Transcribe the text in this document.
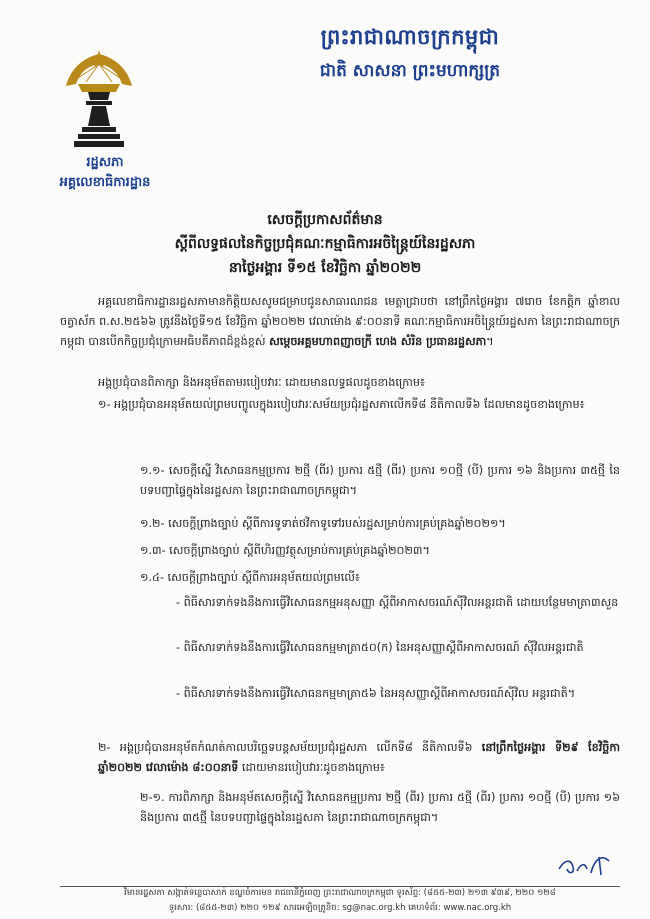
ព្រះរាជាណាចក្រកម្ពុជា
ជាតិ សាសនា ព្រះមហាក្សត្រ
រដ្ឋសភា
អគ្គលេខាធិការដ្ឋាន
សេចក្តីប្រកាសព័ត៌មាន
ស្តីពីលទ្ធផលនៃកិច្ចប្រជុំគណៈកម្មាធិការអចិន្ត្រៃយ៍នៃរដ្ឋសភា
នាថ្ងៃអង្គារ ទី១៥ ខែវិច្ឆិកា ឆ្នាំ២០២២
អគ្គលេខាធិការដ្ឋានរដ្ឋសភាមានកិត្តិយសសូមជម្រាបជូនសាធារណជន មេត្តាជ្រាបថា នៅព្រឹកថ្ងៃអង្គារ ៧រោច ខែកត្តិក ឆ្នាំខាល ចត្វាស័ក ព.ស.២៥៦៦ ត្រូវនឹងថ្ងៃទី១៥ ខែវិច្ឆិកា ឆ្នាំ២០២២ វេលាម៉ោង ៩:០០នាទី គណៈកម្មាធិការអចិន្ត្រៃយ៍រដ្ឋសភា នៃព្រះរាជាណាចក្រកម្ពុជា បានបើកកិច្ចប្រជុំក្រោមអធិបតីភាពដ៏ខ្ពង់ខ្ពស់ សម្តេចអគ្គមហាពញាចក្រី ហេង សំរិន ប្រធានរដ្ឋសភា។
អង្គប្រជុំបានពិភាក្សា និងអនុម័តតាមរបៀបវារៈ ដោយមានលទ្ធផលដូចខាងក្រោម៖
១- អង្គប្រជុំបានអនុម័តយល់ព្រមបញ្ចូលក្នុងរបៀបវារៈសម័យប្រជុំរដ្ឋសភាលើកទី៨ នីតិកាលទី៦ ដែលមានដូចខាងក្រោម៖
១.១- សេចក្តីស្នើ វិសោធនកម្មប្រការ ២ថ្មី (ពីរ) ប្រការ ៥ថ្មី (ពីរ) ប្រការ ១០ថ្មី (បី) ប្រការ ១៦ និងប្រការ ៣៥ថ្មី នៃបទបញ្ជាផ្ទៃក្នុងនៃរដ្ឋសភា នៃព្រះរាជាណាចក្រកម្ពុជា។
១.២- សេចក្តីព្រាងច្បាប់ ស្តីពីការទូទាត់ថវិកាទូទៅរបស់រដ្ឋសម្រាប់ការគ្រប់គ្រងឆ្នាំ២០២១។
១.៣- សេចក្តីព្រាងច្បាប់ ស្តីពីហិរញ្ញវត្ថុសម្រាប់ការគ្រប់គ្រងឆ្នាំ២០២៣។
១.៤- សេចក្តីព្រាងច្បាប់ ស្តីពីការអនុម័តយល់ព្រមលើ៖
- ពិធីសារទាក់ទងនឹងការធ្វើវិសោធនកម្មអនុសញ្ញា ស្តីពីអាកាសចរណ៍ស៊ីវិលអន្តរជាតិ ដោយបន្ថែមមាត្រា៣សួន
- ពិធីសារទាក់ទងនឹងការធ្វើវិសោធនកម្មមាត្រា៥០(ក) នៃអនុសញ្ញាស្តីពីអាកាសចរណ៍ ស៊ីវិលអន្តរជាតិ
- ពិធីសារទាក់ទងនឹងការធ្វើវិសោធនកម្មមាត្រា៥៦ នៃអនុសញ្ញាស្តីពីអាកាសចរណ៍ស៊ីវិល អន្តរជាតិ។
២- អង្គប្រជុំបានអនុម័តកំណត់កាលបរិច្ឆេទបន្តសម័យប្រជុំរដ្ឋសភា លើកទី៨ នីតិកាលទី៦ នៅព្រឹកថ្ងៃអង្គារ ទី២៩ ខែវិច្ឆិកា ឆ្នាំ២០២២ វេលាម៉ោង ៨:០០នាទី ដោយមានរបៀបវារៈដូចខាងក្រោម៖
២-១. ការពិភាក្សា និងអនុម័តសេចក្តីស្នើ វិសោធនកម្មប្រការ ២ថ្មី (ពីរ) ប្រការ ៥ថ្មី (ពីរ) ប្រការ ១០ថ្មី (បី) ប្រការ ១៦ និងប្រការ ៣៥ថ្មី នៃបទបញ្ជាផ្ទៃក្នុងនៃរដ្ឋសភា នៃព្រះរាជាណាចក្រកម្ពុជា។
វិមានរដ្ឋសភា សង្កាត់ទន្លេបាសាក់ ខណ្ឌចំការមន រាជធានីភ្នំពេញ ព្រះរាជាណាចក្រកម្ពុជា ទូរស័ព្ទ: (៨៥៥-២៣) ២១៣ ៩៣៩, ២២០ ១២៨
ទូរសារ: (៨៥៥-២៣) ២២០ ១២៩ សារអេឡិចត្រូនិច: sg@nac.org.kh គេហទំព័រ: www.nac.org.kh
